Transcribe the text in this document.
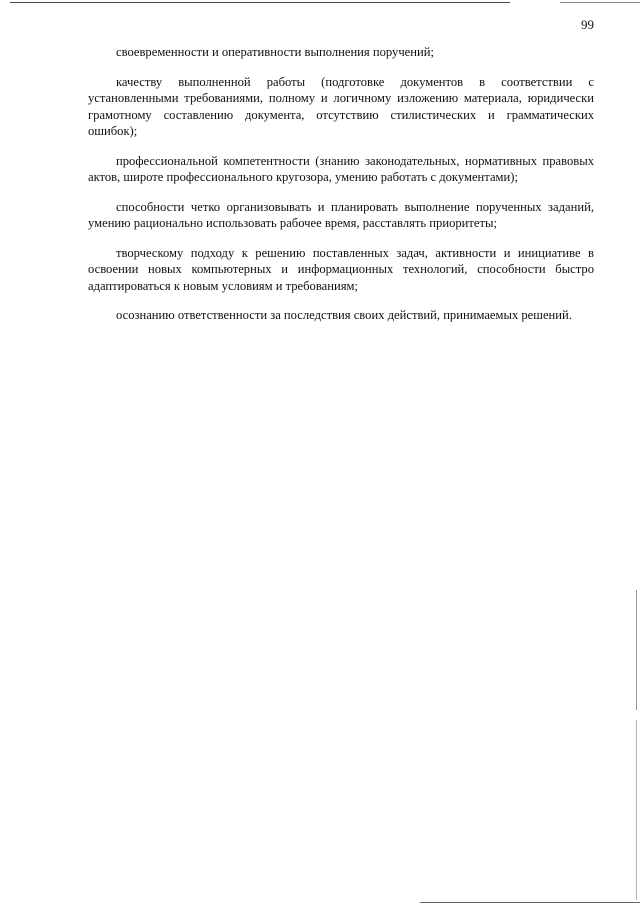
99

своевременности и оперативности выполнения поручений;

качеству выполненной работы (подготовке документов в соответствии с установленными требованиями, полному и логичному изложению материала, юридически грамотному составлению документа, отсутствию стилистических и грамматических ошибок);

профессиональной компетентности (знанию законодательных, нормативных правовых актов, широте профессионального кругозора, умению работать с документами);

способности четко организовывать и планировать выполнение порученных заданий, умению рационально использовать рабочее время, расставлять приоритеты;

творческому подходу к решению поставленных задач, активности и инициативе в освоении новых компьютерных и информационных технологий, способности быстро адаптироваться к новым условиям и требованиям;

осознанию ответственности за последствия своих действий, принимаемых решений.
